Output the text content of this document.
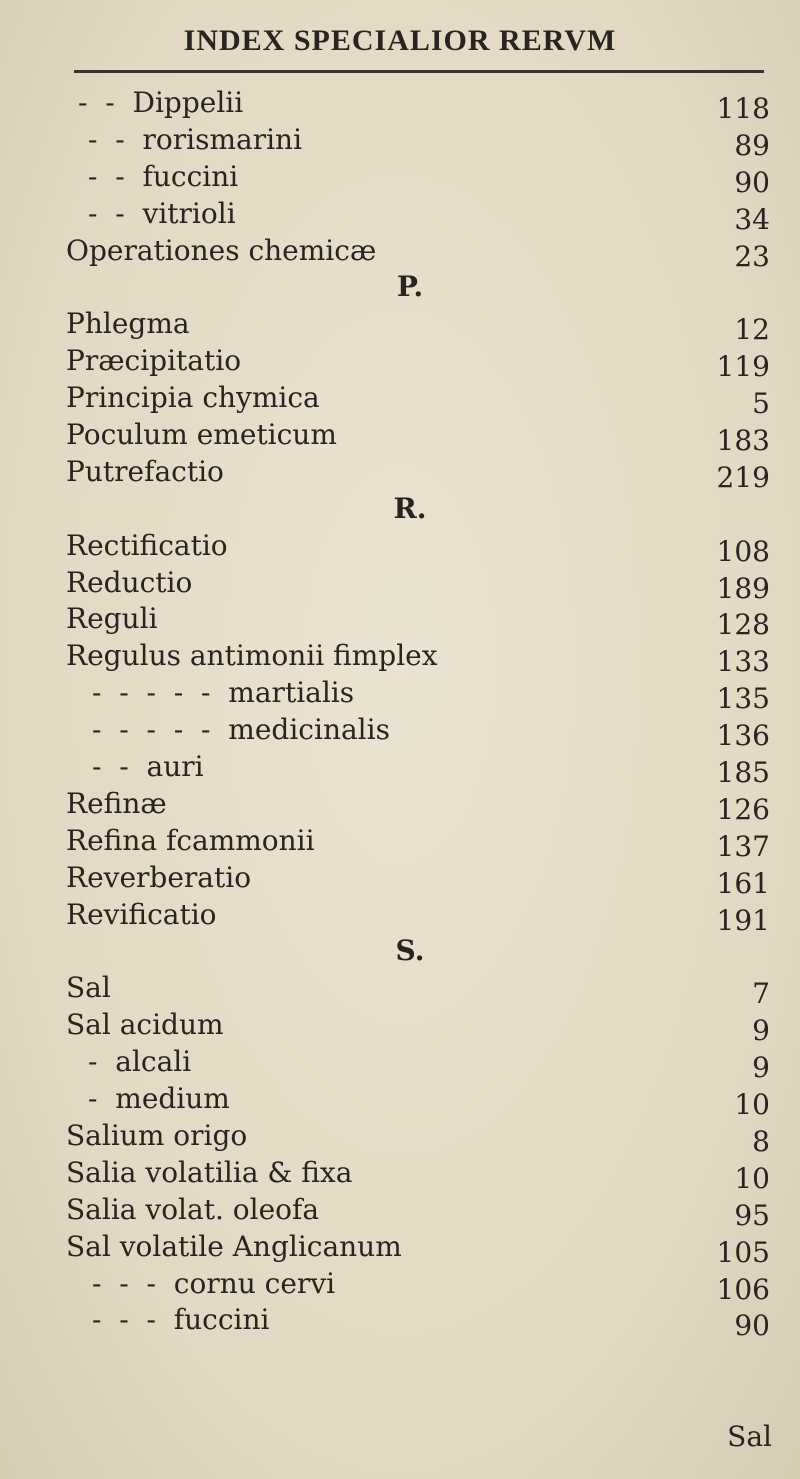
INDEX SPECIALIOR RERVM
-  -  Dippelii	118
-  -  rorismarini	89
-  -  fuccini	90
-  -  vitrioli	34
Operationes chemicæ	23
P.
Phlegma	12
Præcipitatio	119
Principia chymica	5
Poculum emeticum	183
Putrefactio	219
R.
Rectificatio	108
Reductio	189
Reguli	128
Regulus antimonii fimplex	133
-  -  -  -  -  martialis	135
-  -  -  -  -  medicinalis	136
-  -  auri	185
Refinæ	126
Refina fcammonii	137
Reverberatio	161
Revificatio	191
S.
Sal	7
Sal acidum	9
-  alcali	9
-  medium	10
Salium origo	8
Salia volatilia & fixa	10
Salia volat. oleofa	95
Sal volatile Anglicanum	105
-  -  -  cornu cervi	106
-  -  -  fuccini	90
Sal
